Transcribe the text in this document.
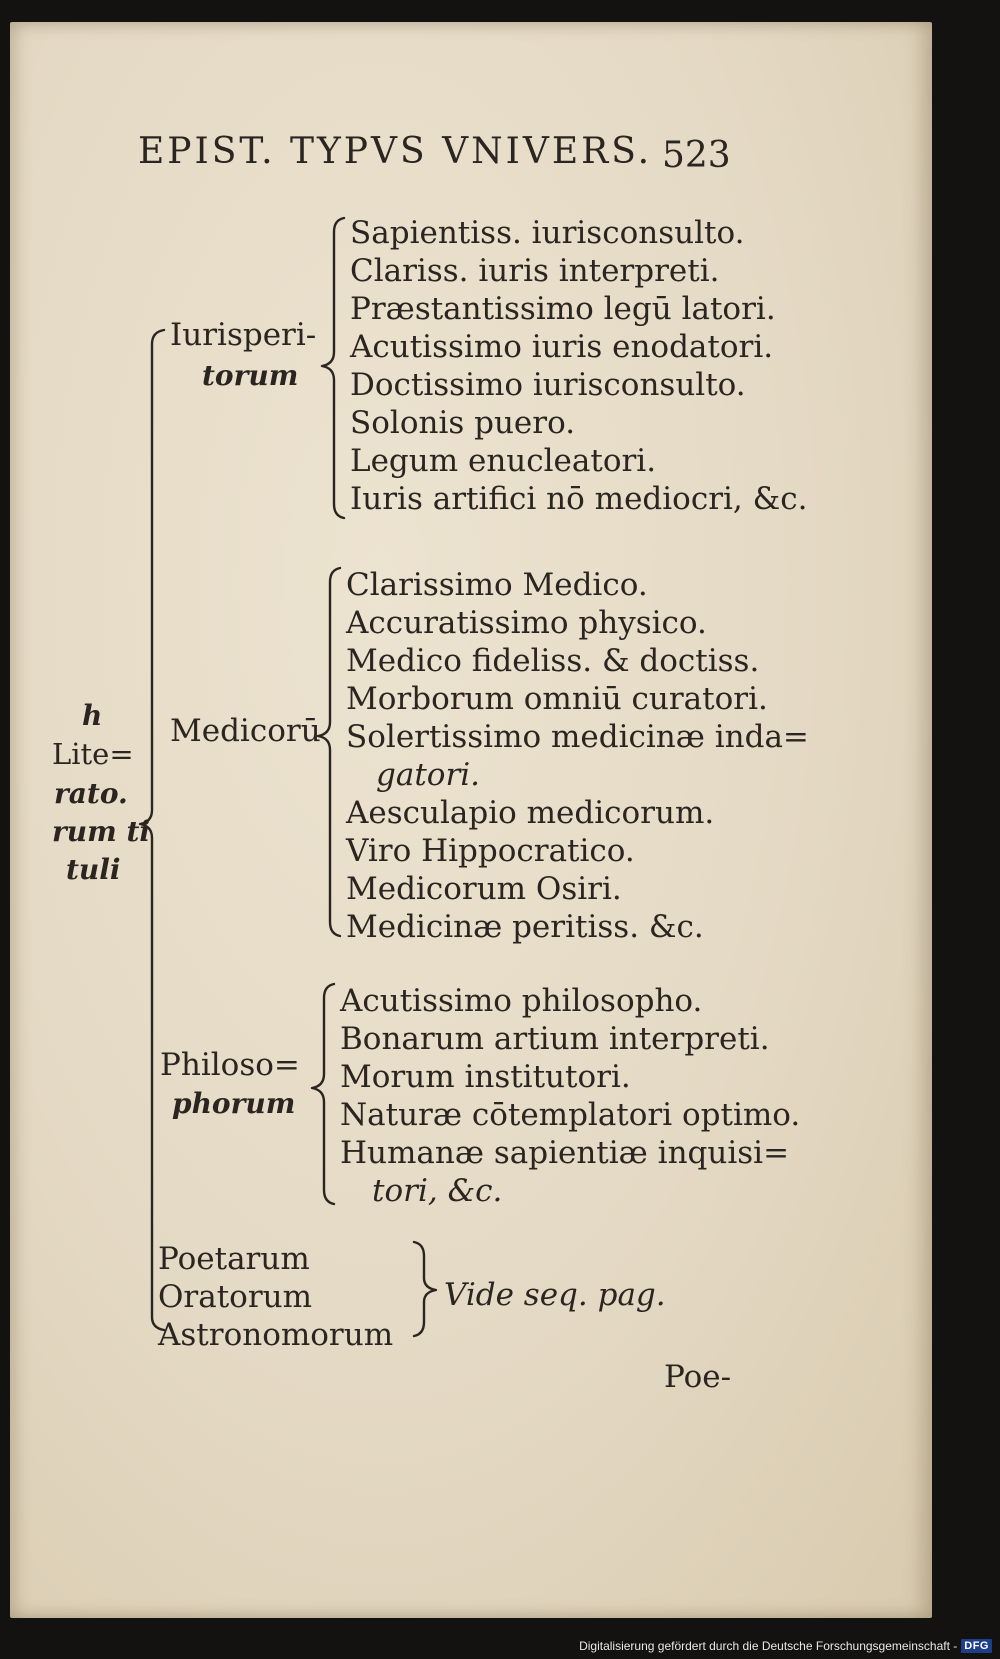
EPIST. TYPVS VNIVERS. 523
h
Lite=
rato.
rum ti
tuli
Iurisperi-
torum
Sapientiss. iurisconsulto.
Clariss. iuris interpreti.
Præstantissimo legū latori.
Acutissimo iuris enodatori.
Doctissimo iurisconsulto.
Solonis puero.
Legum enucleatori.
Iuris artifici nō mediocri, &c.
Medicorū
Clarissimo Medico.
Accuratissimo physico.
Medico fideliss. & doctiss.
Morborum omniū curatori.
Solertissimo medicinæ inda=
gatori.
Aesculapio medicorum.
Viro Hippocratico.
Medicorum Osiri.
Medicinæ peritiss. &c.
Philoso=
phorum
Acutissimo philosopho.
Bonarum artium interpreti.
Morum institutori.
Naturæ cōtemplatori optimo.
Humanæ sapientiæ inquisi=
tori, &c.
Poetarum
Oratorum
Astronomorum
Vide seq. pag.
Poe-
Digitalisierung gefördert durch die Deutsche Forschungsgemeinschaft - DFG
